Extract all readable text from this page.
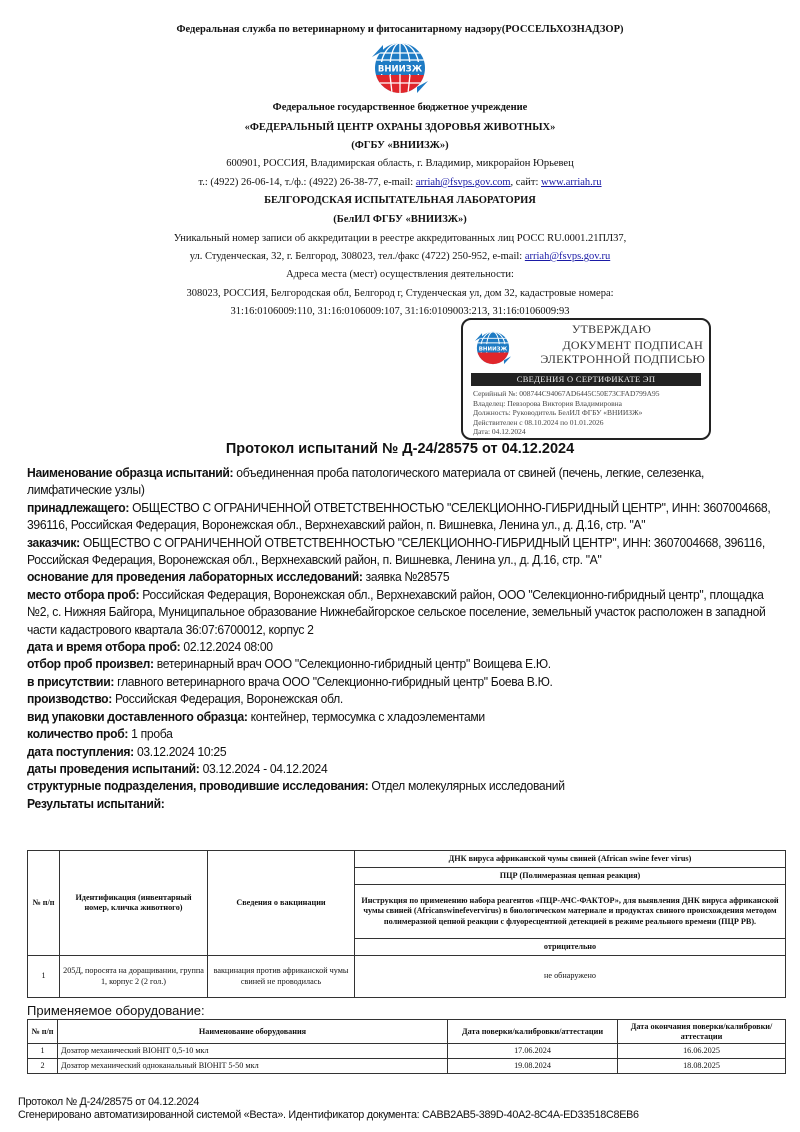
Федеральная служба по ветеринарному и фитосанитарному надзору(РОССЕЛЬХОЗНАДЗОР)
ВНИИЗЖ
Федеральное государственное бюджетное учреждение
«ФЕДЕРАЛЬНЫЙ ЦЕНТР ОХРАНЫ ЗДОРОВЬЯ ЖИВОТНЫХ»
(ФГБУ «ВНИИЗЖ»)
600901, РОССИЯ, Владимирская область, г. Владимир, микрорайон Юрьевец
т.: (4922) 26-06-14, т./ф.: (4922) 26-38-77, e-mail: arriah@fsvps.gov.com, сайт: www.arriah.ru
БЕЛГОРОДСКАЯ ИСПЫТАТЕЛЬНАЯ ЛАБОРАТОРИЯ
(БелИЛ ФГБУ «ВНИИЗЖ»)
Уникальный номер записи об аккредитации в реестре аккредитованных лиц РОСС RU.0001.21ПЛ37,
ул. Студенческая, 32, г. Белгород, 308023, тел./факс (4722) 250-952, e-mail: arriah@fsvps.gov.ru
Адреса места (мест) осуществления деятельности:
308023, РОССИЯ, Белгородская обл, Белгород г, Студенческая ул, дом 32, кадастровые номера:
31:16:0106009:110, 31:16:0106009:107, 31:16:0109003:213, 31:16:0106009:93
ВНИИЗЖ
УТВЕРЖДАЮ
ДОКУМЕНТ ПОДПИСАН
ЭЛЕКТРОННОЙ ПОДПИСЬЮ
СВЕДЕНИЯ О СЕРТИФИКАТЕ ЭП
Серийный №: 008744C94067AD6445C50E73CFAD799A95
Владелец: Певзорова Виктория Владимировна
Должность: Руководитель БелИЛ ФГБУ «ВНИИЗЖ»
Действителен с 08.10.2024 по 01.01.2026
Дата: 04.12.2024
Протокол испытаний № Д-24/28575 от 04.12.2024

Наименование образца испытаний: объединенная проба патологического материала от свиней (печень, легкие, селезенка, лимфатические узлы)

принадлежащего: ОБЩЕСТВО С ОГРАНИЧЕННОЙ ОТВЕТСТВЕННОСТЬЮ "СЕЛЕКЦИОННО-ГИБРИДНЫЙ ЦЕНТР", ИНН: 3607004668, 396116, Российская Федерация, Воронежская обл., Верхнехавский район, п. Вишневка, Ленина ул., д. Д.16, стр. "А"

заказчик: ОБЩЕСТВО С ОГРАНИЧЕННОЙ ОТВЕТСТВЕННОСТЬЮ "СЕЛЕКЦИОННО-ГИБРИДНЫЙ ЦЕНТР", ИНН: 3607004668, 396116, Российская Федерация, Воронежская обл., Верхнехавский район, п. Вишневка, Ленина ул., д. Д.16, стр. "А"

основание для проведения лабораторных исследований: заявка №28575

место отбора проб: Российская Федерация, Воронежская обл., Верхнехавский район, ООО "Селекционно-гибридный центр", площадка №2, с. Нижняя Байгора, Муниципальное образование Нижнебайгорское сельское поселение, земельный участок расположен в западной части кадастрового квартала 36:07:6700012, корпус 2

дата и время отбора проб: 02.12.2024 08:00

отбор проб произвел: ветеринарный врач ООО "Селекционно-гибридный центр" Воищева Е.Ю.

в присутствии: главного ветеринарного врача ООО "Селекционно-гибридный центр" Боева В.Ю.

производство: Российская Федерация, Воронежская обл.

вид упаковки доставленного образца: контейнер, термосумка с хладоэлементами

количество проб: 1 проба

дата поступления: 03.12.2024 10:25

даты проведения испытаний: 03.12.2024 - 04.12.2024

структурные подразделения, проводившие исследования: Отдел молекулярных исследований

Результаты испытаний:

№ п/п	Идентификация (инвентарный номер, кличка животного)	Сведения о вакцинации	ДНК вируса африканской чумы свиней (African swine fever virus)
			ПЦР (Полимеразная цепная реакция)
			Инструкция по применению набора реагентов «ПЦР-АЧС-ФАКТОР», для выявления ДНК вируса африканской чумы свиней (Africanswinefevervirus) в биологическом материале и продуктах свиного происхождения методом полимеразной цепной реакции с флуоресцентной детекцией в режиме реального времени (ПЦР РВ).
			отрицительно
1	205Д, поросята на доращивании, группа 1, корпус 2 (2 гол.)	вакцинация против африканской чумы свиней не проводилась	не обнаружено
Применяемое оборудование:
№ п/п	Наименование оборудования	Дата поверки/калибровки/аттестации	Дата окончания поверки/калибровки/аттестации
1	Дозатор механический BIOHIT 0,5-10 мкл	17.06.2024	16.06.2025
2	Дозатор механический одноканальный BIOHIT 5-50 мкл	19.08.2024	18.08.2025
Протокол № Д-24/28575 от 04.12.2024
Сгенерировано автоматизированной системой «Веста». Идентификатор документа: CABB2AB5-389D-40A2-8C4A-ED33518C8EB6
